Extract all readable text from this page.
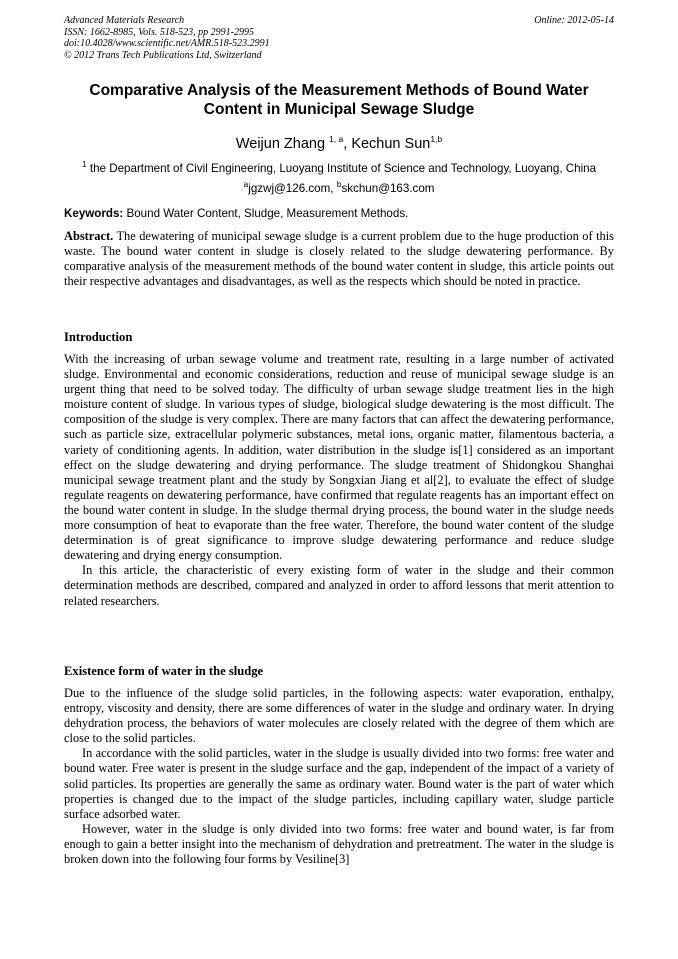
Advanced Materials Research
ISSN: 1662-8985, Vols. 518-523, pp 2991-2995
doi:10.4028/www.scientific.net/AMR.518-523.2991
© 2012 Trans Tech Publications Ltd, Switzerland
Online: 2012-05-14
Comparative Analysis of the Measurement Methods of Bound Water
Content in Municipal Sewage Sludge
Weijun Zhang $^{1, a}$, Kechun Sun$^{1,b}$
$^1$ the Department of Civil Engineering, Luoyang Institute of Science and Technology, Luoyang, China
$^a$jgzwj@126.com, $^b$skchun@163.com
Keywords: Bound Water Content, Sludge, Measurement Methods.

Abstract. The dewatering of municipal sewage sludge is a current problem due to the huge production of this waste. The bound water content in sludge is closely related to the sludge dewatering performance. By comparative analysis of the measurement methods of the bound water content in sludge, this article points out their respective advantages and disadvantages, as well as the respects which should be noted in practice.

Introduction

With the increasing of urban sewage volume and treatment rate, resulting in a large number of activated sludge. Environmental and economic considerations, reduction and reuse of municipal sewage sludge is an urgent thing that need to be solved today. The difficulty of urban sewage sludge treatment lies in the high moisture content of sludge. In various types of sludge, biological sludge dewatering is the most difficult. The composition of the sludge is very complex. There are many factors that can affect the dewatering performance, such as particle size, extracellular polymeric substances, metal ions, organic matter, filamentous bacteria, a variety of conditioning agents. In addition, water distribution in the sludge is[1] considered as an important effect on the sludge dewatering and drying performance. The sludge treatment of Shidongkou Shanghai municipal sewage treatment plant and the study by Songxian Jiang et al[2], to evaluate the effect of sludge regulate reagents on dewatering performance, have confirmed that regulate reagents has an important effect on the bound water content in sludge. In the sludge thermal drying process, the bound water in the sludge needs more consumption of heat to evaporate than the free water. Therefore, the bound water content of the sludge determination is of great significance to improve sludge dewatering performance and reduce sludge dewatering and drying energy consumption.

In this article, the characteristic of every existing form of water in the sludge and their common determination methods are described, compared and analyzed in order to afford lessons that merit attention to related researchers.

Existence form of water in the sludge

Due to the influence of the sludge solid particles, in the following aspects: water evaporation, enthalpy, entropy, viscosity and density, there are some differences of water in the sludge and ordinary water. In drying dehydration process, the behaviors of water molecules are closely related with the degree of them which are close to the solid particles.

In accordance with the solid particles, water in the sludge is usually divided into two forms: free water and bound water. Free water is present in the sludge surface and the gap, independent of the impact of a variety of solid particles. Its properties are generally the same as ordinary water. Bound water is the part of water which properties is changed due to the impact of the sludge particles, including capillary water, sludge particle surface adsorbed water.

However, water in the sludge is only divided into two forms: free water and bound water, is far from enough to gain a better insight into the mechanism of dehydration and pretreatment. The water in the sludge is broken down into the following four forms by Vesiline[3]
